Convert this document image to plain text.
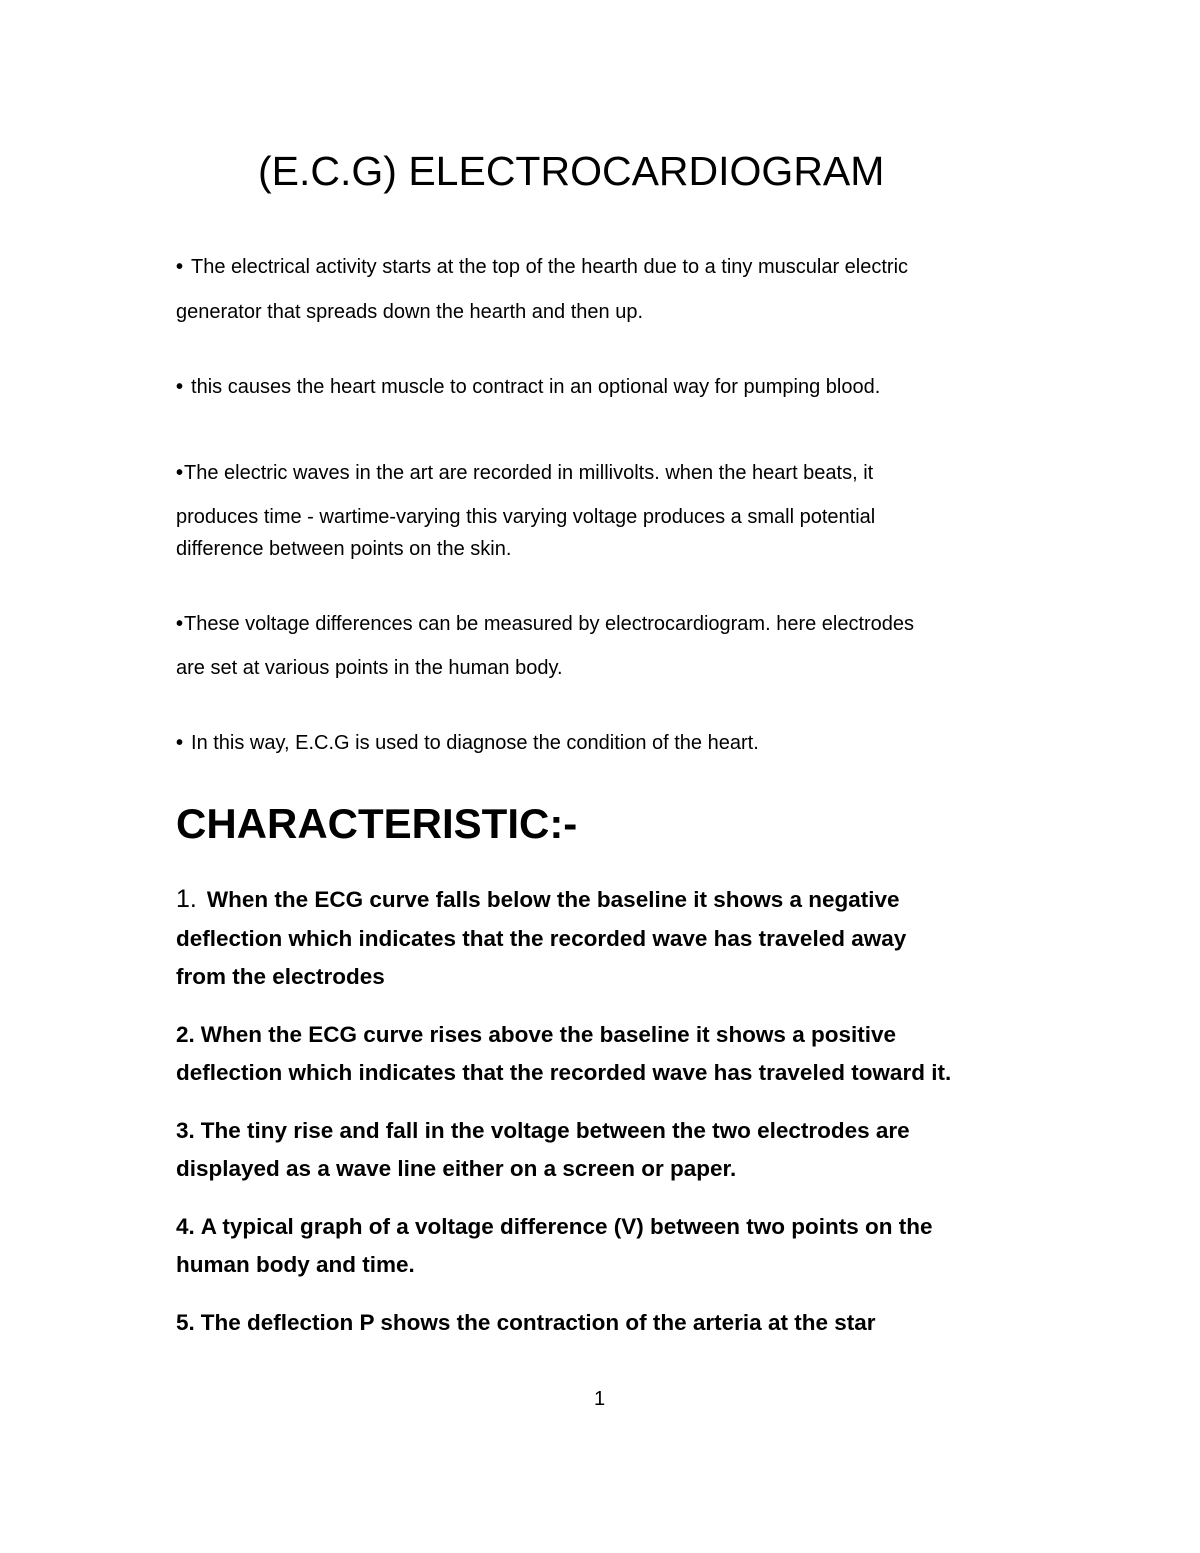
(E.C.G) ELECTROCARDIOGRAM
• The electrical activity starts at the top of the hearth due to a tiny muscular electric
generator that spreads down the hearth and then up.
• this causes the heart muscle to contract in an optional way for pumping blood.
•The electric waves in the art are recorded in millivolts. when the heart beats, it
produces time - wartime-varying this varying voltage produces a small potential
difference between points on the skin.
•These voltage differences can be measured by electrocardiogram. here electrodes
are set at various points in the human body.
• In this way, E.C.G is used to diagnose the condition of the heart.
CHARACTERISTIC:-
1. When the ECG curve falls below the baseline it shows a negative
deflection which indicates that the recorded wave has traveled away
from the electrodes
2. When the ECG curve rises above the baseline it shows a positive
deflection which indicates that the recorded wave has traveled toward it.
3. The tiny rise and fall in the voltage between the two electrodes are
displayed as a wave line either on a screen or paper.
4. A typical graph of a voltage difference (V) between two points on the
human body and time.
5. The deflection P shows the contraction of the arteria at the star
1
